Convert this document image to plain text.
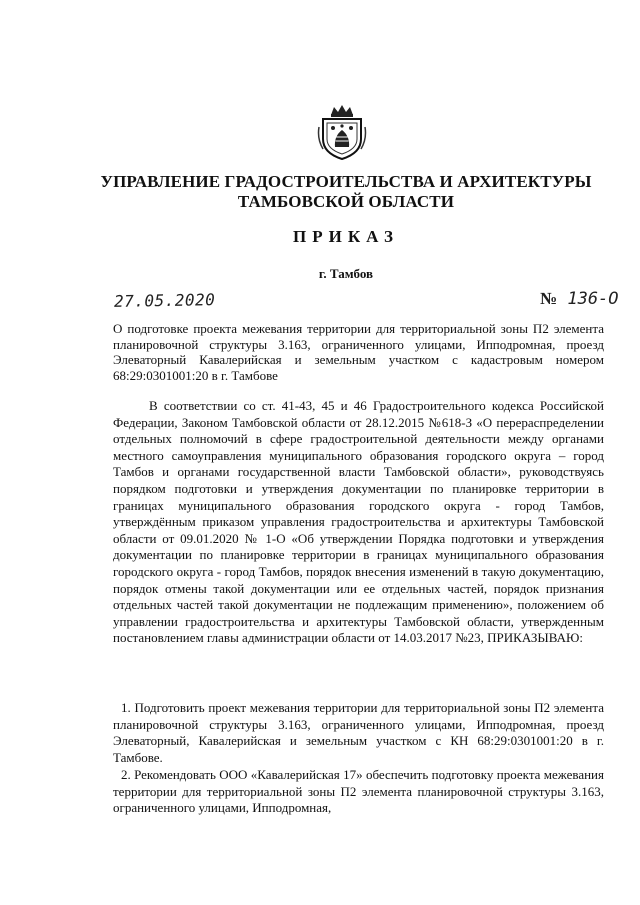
УПРАВЛЕНИЕ ГРАДОСТРОИТЕЛЬСТВА И АРХИТЕКТУРЫ ТАМБОВСКОЙ ОБЛАСТИ
ПРИКАЗ
г. Тамбов
27.05.2020	№ 136-О
О подготовке проекта межевания территории для территориальной зоны П2 элемента планировочной структуры 3.163, ограниченного улицами, Ипподромная, проезд Элеваторный Кавалерийская и земельным участком с кадастровым номером 68:29:0301001:20 в г. Тамбове
В соответствии со ст. 41-43, 45 и 46 Градостроительного кодекса Российской Федерации, Законом Тамбовской области от 28.12.2015 №618-З «О перераспределении отдельных полномочий в сфере градостроительной деятельности между органами местного самоуправления муниципального образования городского округа – город Тамбов и органами государственной власти Тамбовской области», руководствуясь порядком подготовки и утверждения документации по планировке территории в границах муниципального образования городского округа - город Тамбов, утверждённым приказом управления градостроительства и архитектуры Тамбовской области от 09.01.2020 № 1-О «Об утверждении Порядка подготовки и утверждения документации по планировке территории в границах муниципального образования городского округа - город Тамбов, порядок внесения изменений в такую документацию, порядок отмены такой документации или ее отдельных частей, порядок признания отдельных частей такой документации не подлежащим применению», положением об управлении градостроительства и архитектуры Тамбовской области, утвержденным постановлением главы администрации области от 14.03.2017 №23, ПРИКАЗЫВАЮ:
1. Подготовить проект межевания территории для территориальной зоны П2 элемента планировочной структуры 3.163, ограниченного улицами, Ипподромная, проезд Элеваторный, Кавалерийская и земельным участком с КН 68:29:0301001:20 в г. Тамбове.
2. Рекомендовать ООО «Кавалерийская 17» обеспечить подготовку проекта межевания территории для территориальной зоны П2 элемента планировочной структуры 3.163, ограниченного улицами, Ипподромная,
